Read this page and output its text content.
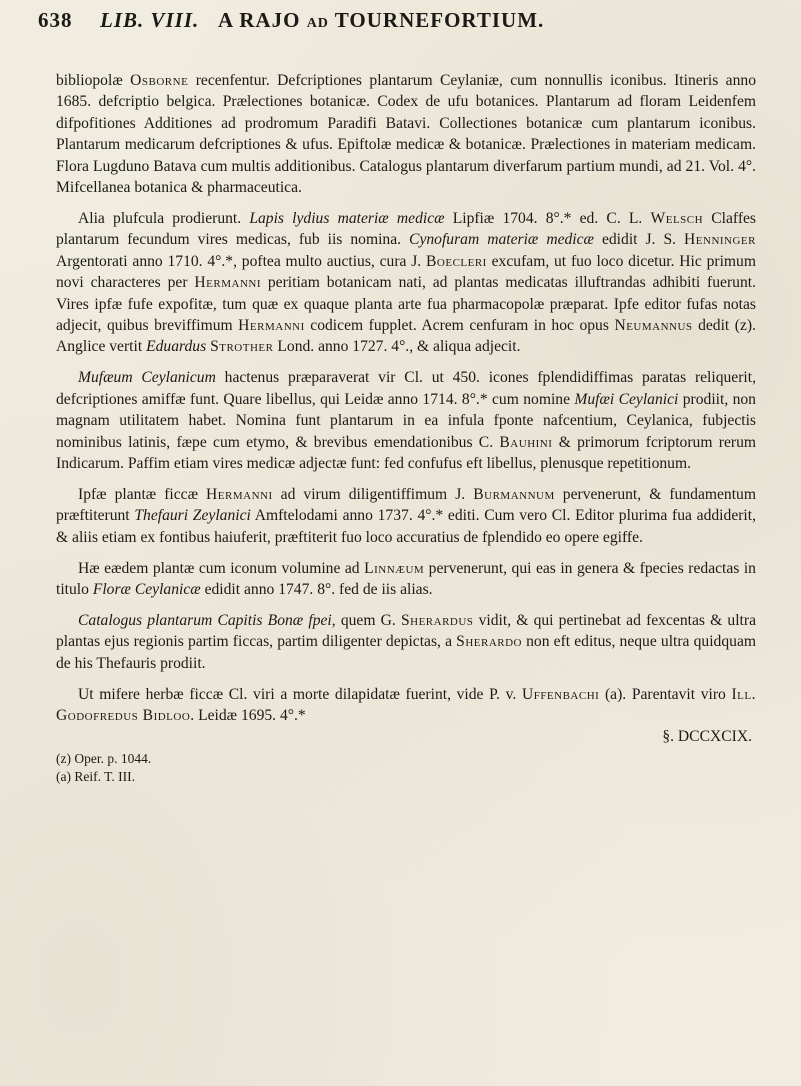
638 LIB. VIII. A RAJO AD TOURNEFORTIUM.

bibliopolæ Osborne recenfentur. Defcriptiones plantarum Ceylaniæ, cum nonnullis iconibus. Itineris anno 1685. defcriptio belgica. Prælectiones botanicæ. Codex de ufu botanices. Plantarum ad floram Leidenfem difpofitiones Additiones ad prodromum Paradifi Batavi. Collectiones botanicæ cum plantarum iconibus. Plantarum medicarum defcriptiones & ufus. Epiftolæ medicæ & botanicæ. Prælectiones in materiam medicam. Flora Lugduno Batava cum multis additionibus. Catalogus plantarum diverfarum partium mundi, ad 21. Vol. 4°. Mifcellanea botanica & pharmaceutica.

Alia plufcula prodierunt. Lapis lydius materiæ medicæ Lipfiæ 1704. 8°.* ed. C. L. Welsch Claffes plantarum fecundum vires medicas, fub iis nomina. Cynofuram materiæ medicæ edidit J. S. Henninger Argentorati anno 1710. 4°.*, poftea multo auctius, cura J. Boecleri excufam, ut fuo loco dicetur. Hic primum novi characteres per Hermanni peritiam botanicam nati, ad plantas medicatas illuftrandas adhibiti fuerunt. Vires ipfæ fufe expofitæ, tum quæ ex quaque planta arte fua pharmacopolæ præparat. Ipfe editor fufas notas adjecit, quibus breviffimum Hermanni codicem fupplet. Acrem cenfuram in hoc opus Neumannus dedit (z). Anglice vertit Eduardus Strother Lond. anno 1727. 4°., & aliqua adjecit.

Mufæum Ceylanicum hactenus præparaverat vir Cl. ut 450. icones fplendidiffimas paratas reliquerit, defcriptiones amiffæ funt. Quare libellus, qui Leidæ anno 1714. 8°.* cum nomine Mufæi Ceylanici prodiit, non magnam utilitatem habet. Nomina funt plantarum in ea infula fponte nafcentium, Ceylanica, fubjectis nominibus latinis, fæpe cum etymo, & brevibus emendationibus C. Bauhini & primorum fcriptorum rerum Indicarum. Paffim etiam vires medicæ adjectæ funt: fed confufus eft libellus, plenusque repetitionum.

Ipfæ plantæ ficcæ Hermanni ad virum diligentiffimum J. Burmannum pervenerunt, & fundamentum præftiterunt Thefauri Zeylanici Amftelodami anno 1737. 4°.* editi. Cum vero Cl. Editor plurima fua addiderit, & aliis etiam ex fontibus haiuferit, præftiterit fuo loco accuratius de fplendido eo opere egiffe.

Hæ eædem plantæ cum iconum volumine ad Linnæum pervenerunt, qui eas in genera & fpecies redactas in titulo Floræ Ceylanicæ edidit anno 1747. 8°. fed de iis alias.

Catalogus plantarum Capitis Bonæ fpei, quem G. Sherardus vidit, & qui pertinebat ad fexcentas & ultra plantas ejus regionis partim ficcas, partim diligenter depictas, a Sherardo non eft editus, neque ultra quidquam de his Thefauris prodiit.

Ut mifere herbæ ficcæ Cl. viri a morte dilapidatæ fuerint, vide P. v. Uffenbachi (a). Parentavit viro Ill. Godofredus Bidloo. Leidæ 1695. 4°.*

§. DCCXCIX.
(z) Oper. p. 1044.
(a) Reif. T. III.
